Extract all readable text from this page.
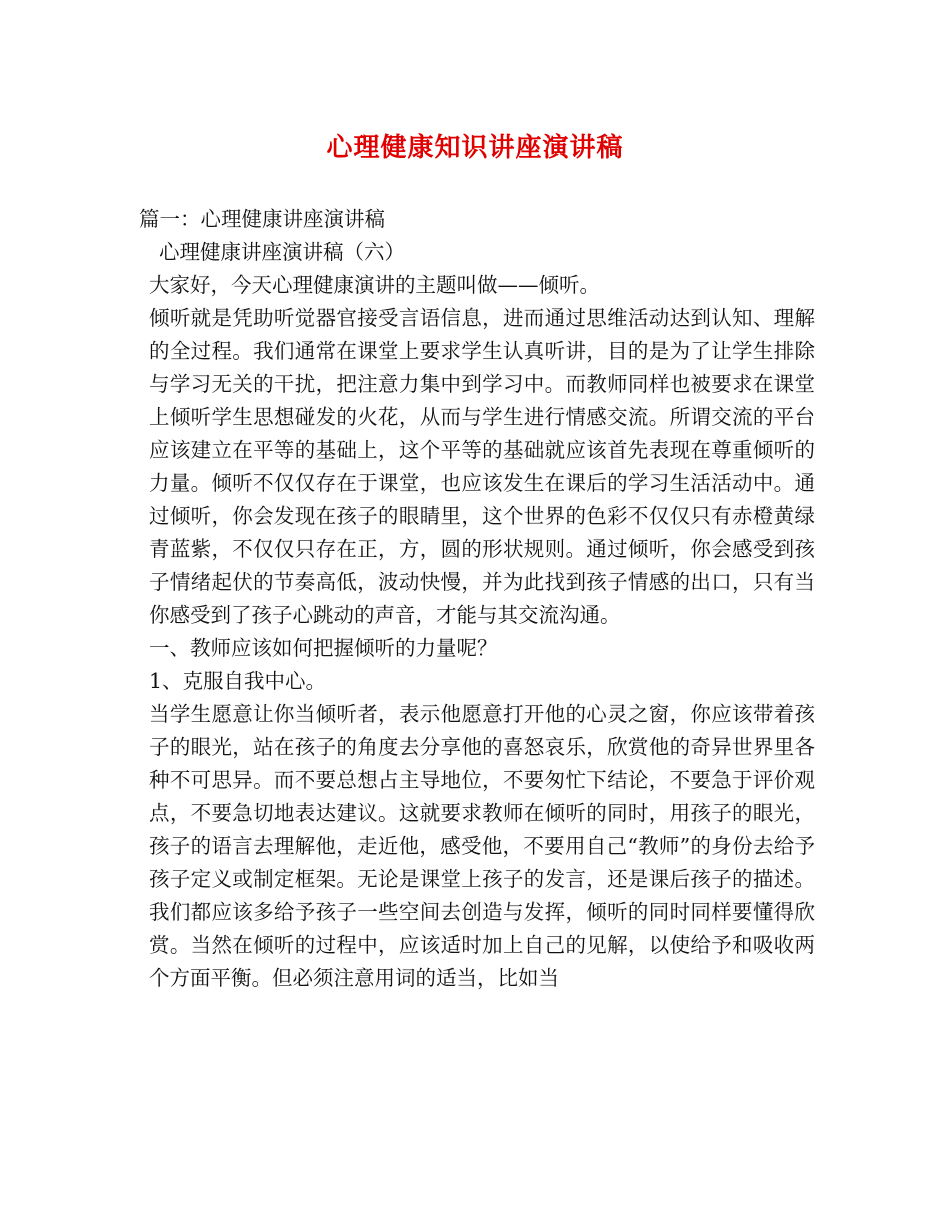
心理健康知识讲座演讲稿

篇一：心理健康讲座演讲稿

心理健康讲座演讲稿（六）

大家好，今天心理健康演讲的主题叫做——倾听。

倾听就是凭助听觉器官接受言语信息，进而通过思维活动达到认知、理解的全过程。我们通常在课堂上要求学生认真听讲，目的是为了让学生排除与学习无关的干扰，把注意力集中到学习中。而教师同样也被要求在课堂上倾听学生思想碰发的火花，从而与学生进行情感交流。所谓交流的平台应该建立在平等的基础上，这个平等的基础就应该首先表现在尊重倾听的力量。倾听不仅仅存在于课堂，也应该发生在课后的学习生活活动中。通过倾听，你会发现在孩子的眼睛里，这个世界的色彩不仅仅只有赤橙黄绿青蓝紫，不仅仅只存在正，方，圆的形状规则。通过倾听，你会感受到孩子情绪起伏的节奏高低，波动快慢，并为此找到孩子情感的出口，只有当你感受到了孩子心跳动的声音，才能与其交流沟通。

一、教师应该如何把握倾听的力量呢？

1、克服自我中心。

当学生愿意让你当倾听者，表示他愿意打开他的心灵之窗，你应该带着孩子的眼光，站在孩子的角度去分享他的喜怒哀乐，欣赏他的奇异世界里各种不可思异。而不要总想占主导地位，不要匆忙下结论，不要急于评价观点，不要急切地表达建议。这就要求教师在倾听的同时，用孩子的眼光，孩子的语言去理解他，走近他，感受他，不要用自己“教师”的身份去给予孩子定义或制定框架。无论是课堂上孩子的发言，还是课后孩子的描述。我们都应该多给予孩子一些空间去创造与发挥，倾听的同时同样要懂得欣赏。当然在倾听的过程中，应该适时加上自己的见解，以使给予和吸收两个方面平衡。但必须注意用词的适当，比如当
